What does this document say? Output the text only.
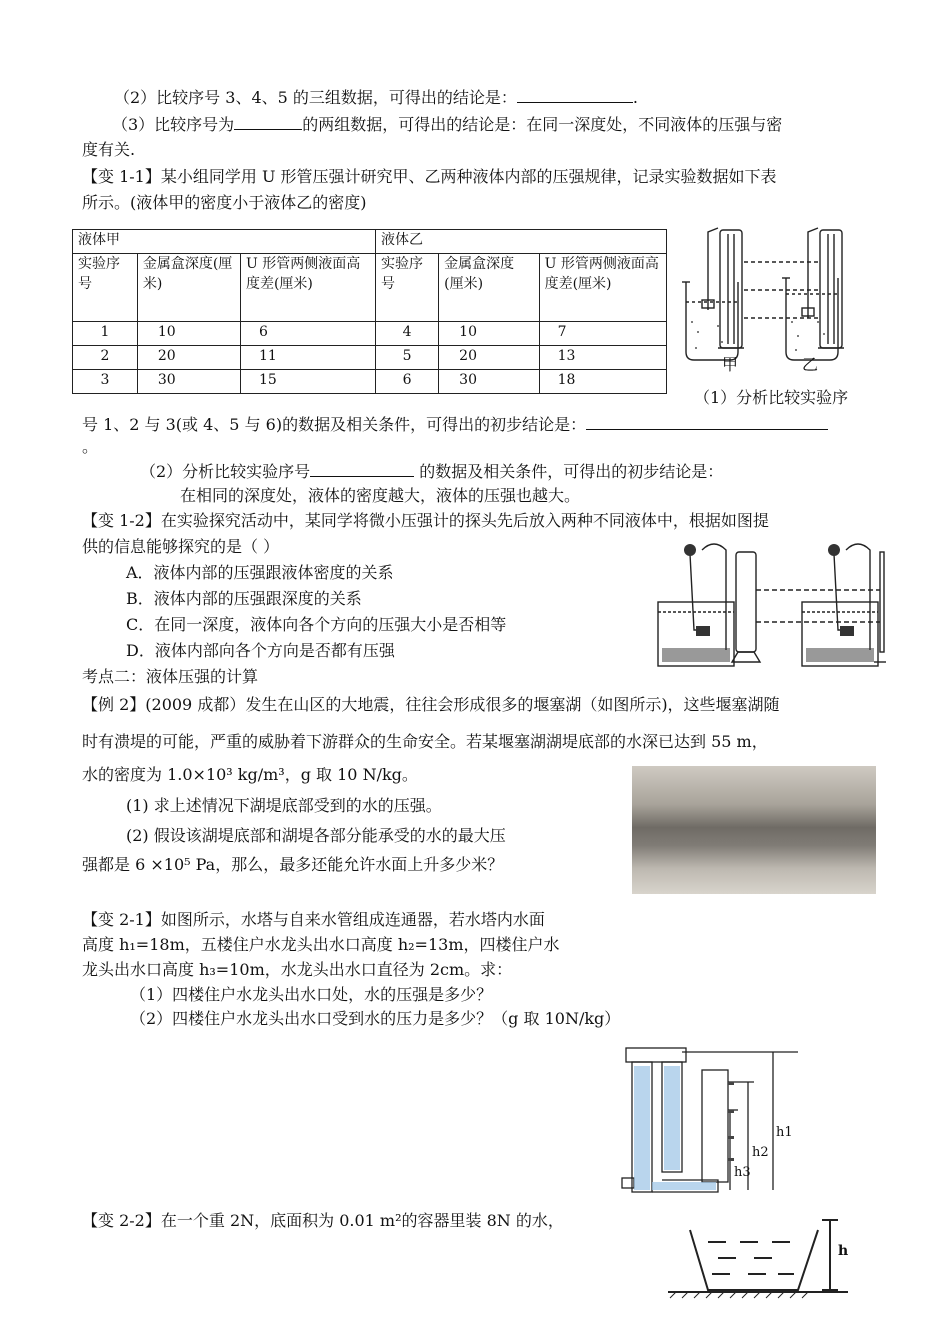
（2）比较序号 3、4、5 的三组数据，可得出的结论是：	.
（3）比较序号为	的两组数据，可得出的结论是：在同一深度处，不同液体的压强与密
度有关.
【变 1-1】某小组同学用 U 形管压强计研究甲、乙两种液体内部的压强规律，记录实验数据如下表
所示。(液体甲的密度小于液体乙的密度)
液体甲			液体乙		
实验序号	金属盒深度(厘米)	U 形管两侧液面高度差(厘米)	实验序号	金属盒深度(厘米)	U 形管两侧液面高度差(厘米)
1	10	6	4	10	7
2	20	11	5	20	13
3	30	15	6	30	18
甲	乙
（1）分析比较实验序
号 1、2 与 3(或 4、5 与 6)的数据及相关条件，可得出的初步结论是：
。
（2）分析比较实验序号	的数据及相关条件，可得出的初步结论是：
在相同的深度处，液体的密度越大，液体的压强也越大。
【变 1-2】在实验探究活动中，某同学将微小压强计的探头先后放入两种不同液体中，根据如图提
供的信息能够探究的是（ ）
A．液体内部的压强跟液体密度的关系
B．液体内部的压强跟深度的关系
C．在同一深度，液体向各个方向的压强大小是否相等
D．液体内部向各个方向是否都有压强
考点二：液体压强的计算
【例 2】(2009 成都）发生在山区的大地震，往往会形成很多的堰塞湖（如图所示)，这些堰塞湖随
时有溃堤的可能，严重的威胁着下游群众的生命安全。若某堰塞湖湖堤底部的水深已达到 55 m，
水的密度为 1.0×10³ kg/m³，g 取 10 N/kg。
(1) 求上述情况下湖堤底部受到的水的压强。
(2) 假设该湖堤底部和湖堤各部分能承受的水的最大压
强都是 6 ×10⁵ Pa，那么，最多还能允许水面上升多少米？
【变 2-1】如图所示，水塔与自来水管组成连通器，若水塔内水面
高度 h₁=18m，五楼住户水龙头出水口高度 h₂=13m，四楼住户水
龙头出水口高度 h₃=10m，水龙头出水口直径为 2cm。求：
（1）四楼住户水龙头出水口处，水的压强是多少？
（2）四楼住户水龙头出水口受到水的压力是多少？（g 取 10N/kg）
h1
h2
h3
【变 2-2】在一个重 2N，底面积为 0.01 m²的容器里装 8N 的水，
h
